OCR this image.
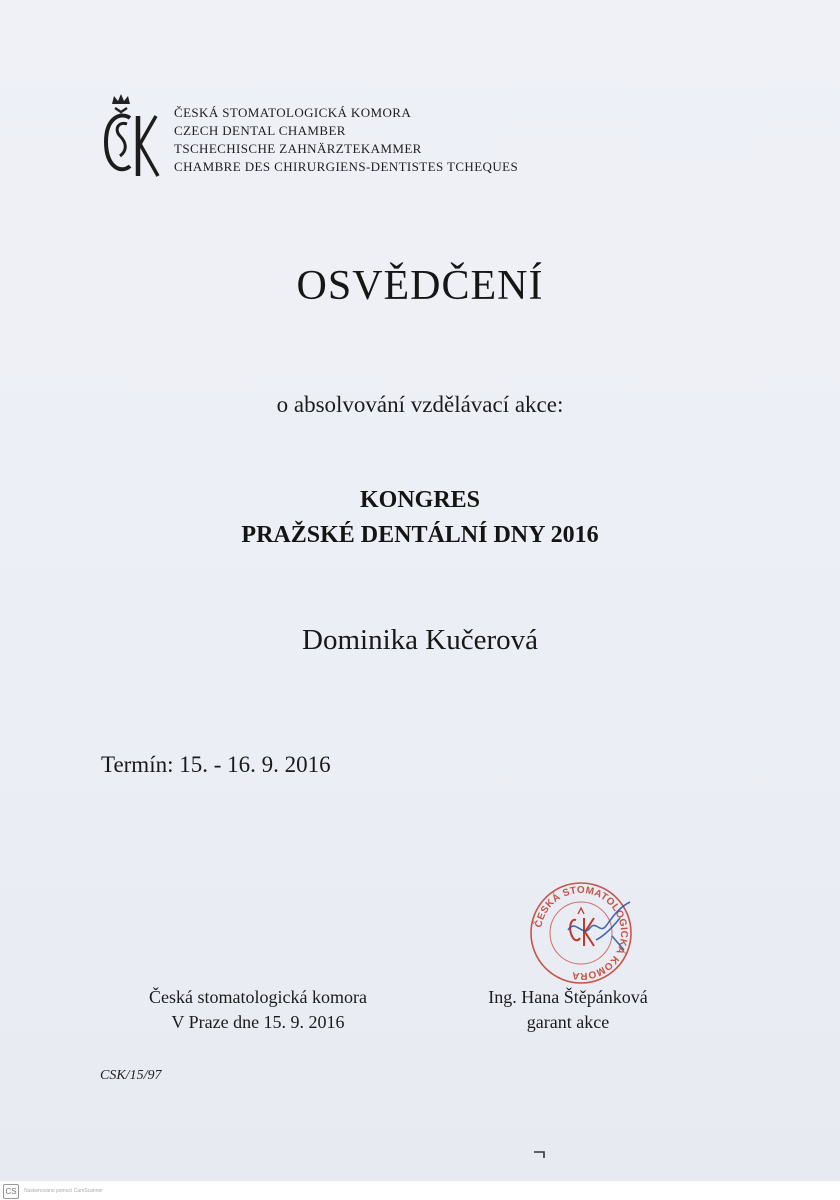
ČESKÁ STOMATOLOGICKÁ KOMORA
CZECH DENTAL CHAMBER
TSCHECHISCHE ZAHNÄRZTEKAMMER
CHAMBRE DES CHIRURGIENS-DENTISTES TCHEQUES
OSVĚDČENÍ
o absolvování vzdělávací akce:
KONGRES
PRAŽSKÉ DENTÁLNÍ DNY 2016
Dominika Kučerová
Termín: 15. - 16. 9. 2016
ČESKÁ STOMATOLOGICKÁ KOMORA
Česká stomatologická komora
V Praze dne 15. 9. 2016
Ing. Hana Štěpánková
garant akce
CSK/15/97
CS	Naskenováno pomocí CamScanner
